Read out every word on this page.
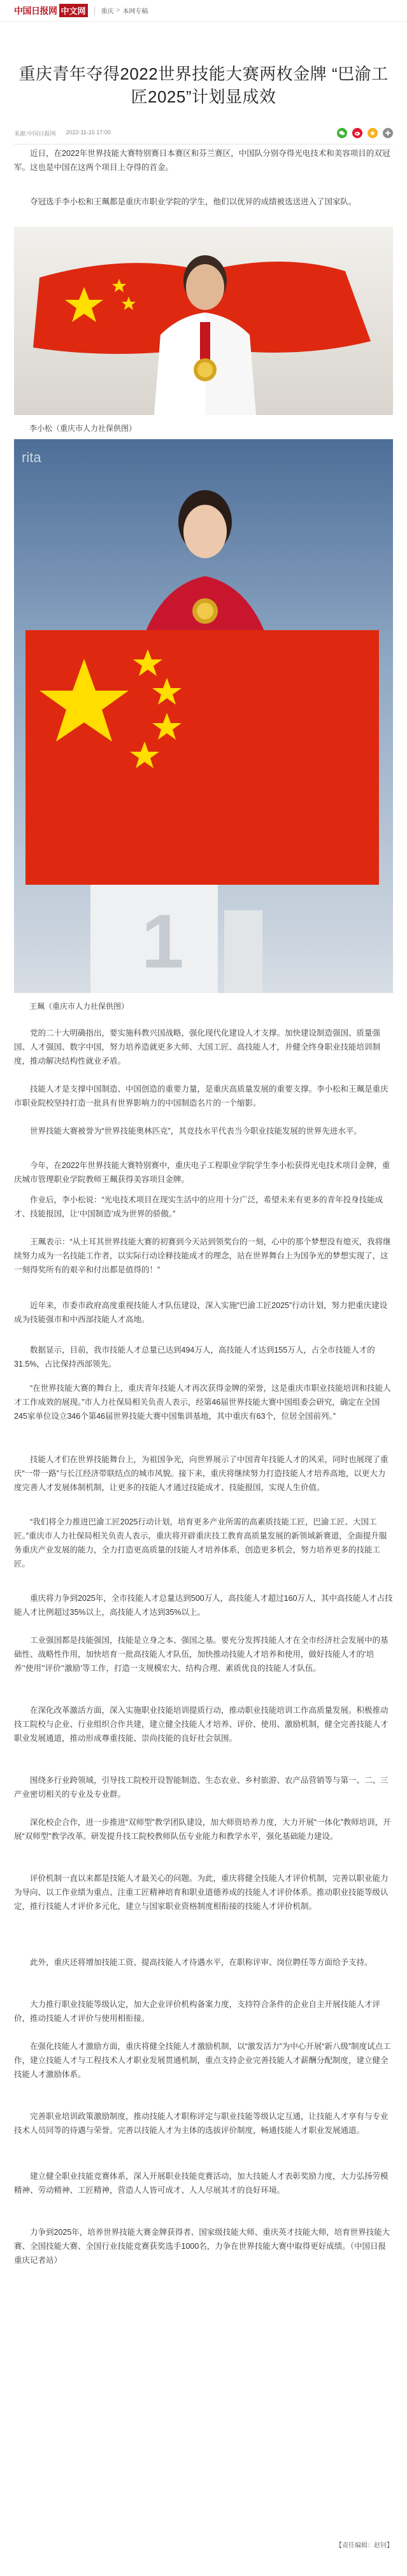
中国日报网 中文网	重庆 > 本网专稿
重庆青年夺得2022世界技能大赛两枚金牌 “巴渝工匠2025”计划显成效
来源:中国日报网 2022-11-15 17:00

近日，在2022年世界技能大赛特别赛日本赛区和芬兰赛区，中国队分别夺得光电技术和美容项目的双冠军。这也是中国在这两个项目上夺得的首金。

夺冠选手李小松和王珮都是重庆市职业学院的学生，他们以优异的成绩被选送进入了国家队。

李小松（重庆市人力社保供图）
rita
1
王珮（重庆市人力社保供图）

党的二十大明确指出，要实施科教兴国战略，强化现代化建设人才支撑。加快建设制造强国、质量强国、人才强国、数字中国，努力培养造就更多大师、大国工匠、高技能人才，并健全终身职业技能培训制度，推动解决结构性就业矛盾。

技能人才是支撑中国制造、中国创造的重要力量，是重庆高质量发展的重要支撑。李小松和王珮是重庆市职业院校坚持打造一批具有世界影响力的中国制造名片的一个缩影。

世界技能大赛被誉为“世界技能奥林匹克”，其竞技水平代表当今职业技能发展的世界先进水平。

今年，在2022年世界技能大赛特别赛中，重庆电子工程职业学院学生李小松获得光电技术项目金牌，重庆城市管理职业学院教师王珮获得美容项目金牌。

作业后，李小松说：“光电技术项目在现实生活中的应用十分广泛，希望未来有更多的青年投身技能成才、技能报国，让‘中国制造’成为世界的骄傲。”

王珮表示：“从土耳其世界技能大赛的初赛到今天站到领奖台的一刻，心中的那个梦想没有熄灭，我将继续努力成为一名技能工作者，以实际行动诠释技能成才的理念，站在世界舞台上为国争光的梦想实现了，这一刻得奖所有的艰辛和付出都是值得的！”

近年来，市委市政府高度重视技能人才队伍建设，深入实施“巴渝工匠2025”行动计划，努力把重庆建设成为技能强市和中西部技能人才高地。

数据显示，目前，我市技能人才总量已达到494万人，高技能人才达到155万人，占全市技能人才的31.5%，占比保持西部领先。

“在世界技能大赛的舞台上，重庆青年技能人才再次获得金牌的荣誉，这是重庆市职业技能培训和技能人才工作成效的展现。”市人力社保局相关负责人表示，经第46届世界技能大赛中国组委会研究，确定在全国245家单位设立346个第46届世界技能大赛中国集训基地，其中重庆有63个，位居全国前列。”

技能人才们在世界技能舞台上，为祖国争光，向世界展示了中国青年技能人才的风采，同时也展现了重庆“一带一路”与长江经济带联结点的城市风貌。接下来，重庆将继续努力打造技能人才培养高地，以更大力度完善人才发展体制机制，让更多的技能人才通过技能成才、技能报国，实现人生价值。

“我们将全力推进巴渝工匠2025行动计划，培育更多产业所需的高素质技能工匠，巴渝工匠、大国工匠。”重庆市人力社保局相关负责人表示，重庆将开辟重庆技工教育高质量发展的新领域新赛道，全面提升服务重庆产业发展的能力，全力打造更高质量的技能人才培养体系，创造更多机会，努力培养更多的技能工匠。

重庆将力争到2025年，全市技能人才总量达到500万人，高技能人才超过160万人，其中高技能人才占技能人才比例超过35%以上，高技能人才达到35%以上。

工业强国都是技能强国，技能是立身之本、强国之基。要充分发挥技能人才在全市经济社会发展中的基础性、战略性作用，加快培育一批高技能人才队伍，加快推动技能人才培养和使用，做好技能人才的‘培养’‘使用’‘评价’‘激励’等工作，打造一支规模宏大、结构合理、素质优良的技能人才队伍。

在深化改革激活方面，深入实施职业技能培训提质行动，推动职业技能培训工作高质量发展。积极推动技工院校与企业、行业组织合作共建，建立健全技能人才培养、评价、使用、激励机制，健全完善技能人才职业发展通道，推动形成尊重技能、崇尚技能的良好社会氛围。

围绕多行业跨领域，引导技工院校开设智能制造、生态农业、乡村旅游、农产品营销等与第一、二、三产业密切相关的专业及专业群。

深化校企合作，进一步推进“双师型”教学团队建设，加大师资培养力度，大力开展“一体化”教师培训，开展“双师型”教学改革。研发提升技工院校教师队伍专业能力和教学水平，强化基础能力建设。

评价机制一直以来都是技能人才最关心的问题。为此，重庆将健全技能人才评价机制，完善以职业能力为导向、以工作业绩为重点、注重工匠精神培育和职业道德养成的技能人才评价体系。推动职业技能等级认定，推行技能人才评价多元化，建立与国家职业资格制度相衔接的技能人才评价机制。

此外，重庆还将增加技能工资、提高技能人才待遇水平，在职称评审、岗位聘任等方面给予支持。

大力推行职业技能等级认定，加大企业评价机构备案力度，支持符合条件的企业自主开展技能人才评价，推动技能人才评价与使用相衔接。

在强化技能人才激励方面，重庆将健全技能人才激励机制，以“激发活力”为中心开展“新八级”制度试点工作，建立技能人才与工程技术人才职业发展贯通机制，重点支持企业完善技能人才薪酬分配制度，建立健全技能人才激励体系。

完善职业培训政策激励制度，推动技能人才职称评定与职业技能等级认定互通，让技能人才享有与专业技术人员同等的待遇与荣誉。完善以技能人才为主体的选拔评价制度，畅通技能人才职业发展通道。

建立健全职业技能竞赛体系，深入开展职业技能竞赛活动，加大技能人才表彰奖励力度，大力弘扬劳模精神、劳动精神、工匠精神，营造人人皆可成才、人人尽展其才的良好环境。

力争到2025年，培养世界技能大赛金牌获得者、国家级技能大师、重庆英才技能大师，培育世界技能大赛、全国技能大赛、全国行业技能竞赛获奖选手1000名，力争在世界技能大赛中取得更好成绩。（中国日报重庆记者站）

【责任编辑：赵钊】
